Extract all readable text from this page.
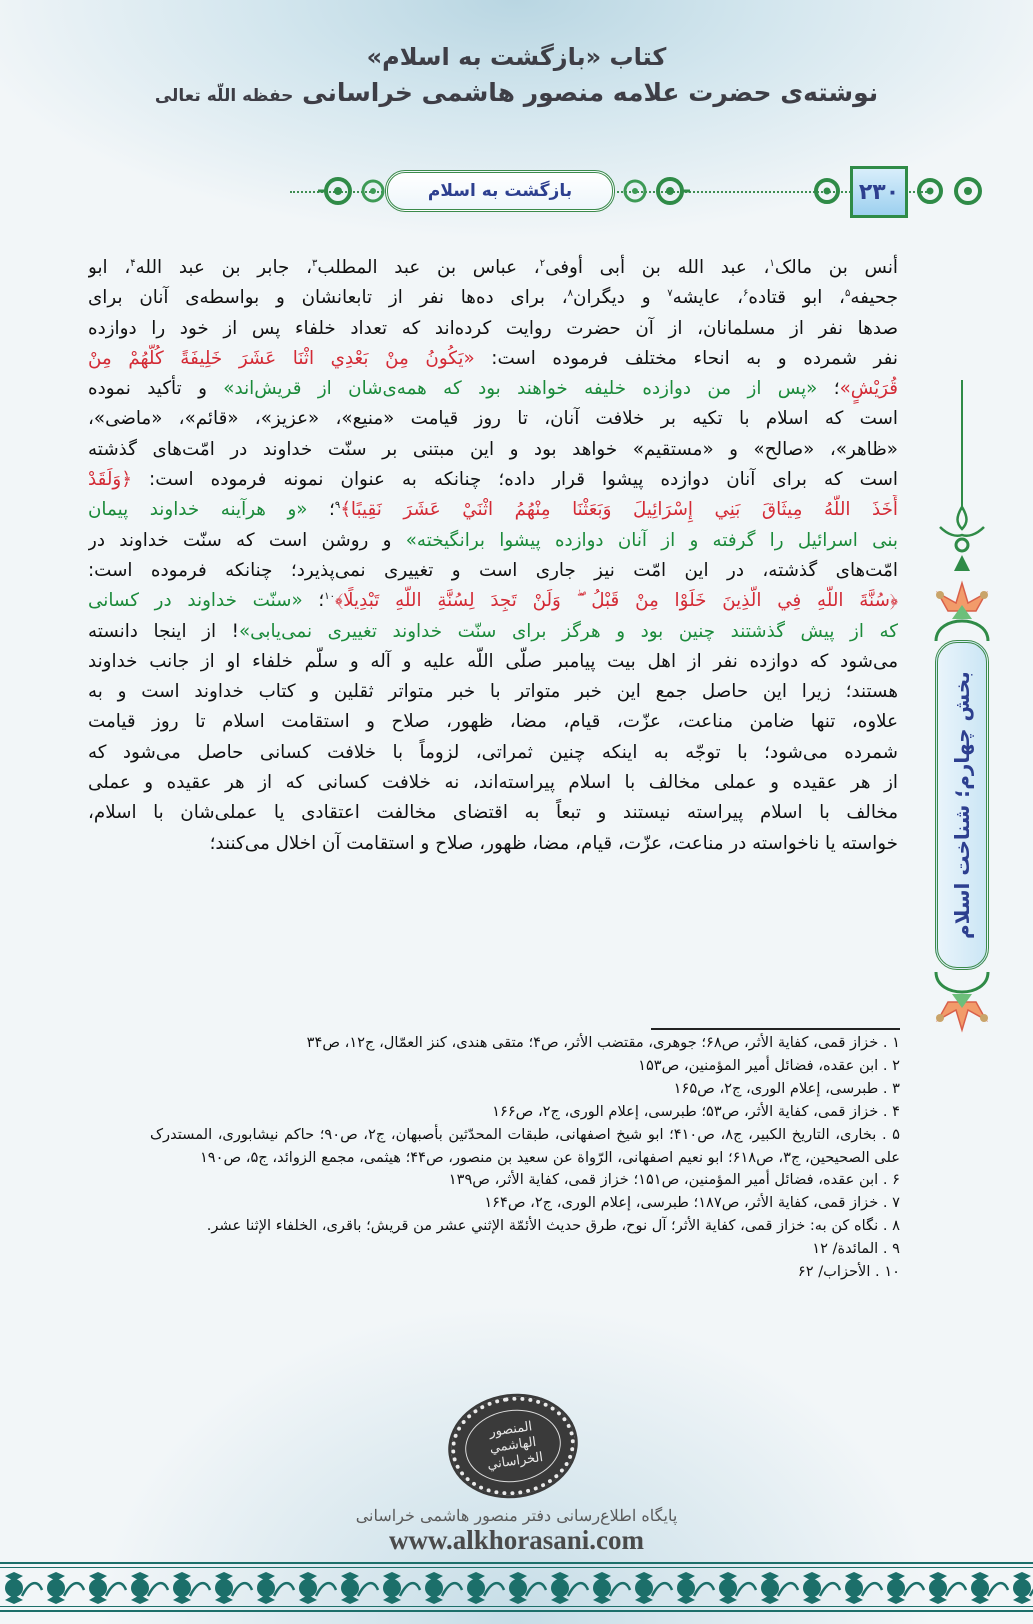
کتاب «بازگشت به اسلام»
نوشته‌ی حضرت علامه منصور هاشمی خراسانی حفظه اللّه تعالی
بازگشت به اسلام	۲۳۰
أنس بن مالک$^۱$، عبد الله بن أبی أوفی$^۲$، عباس بن عبد المطلب$^۳$، جابر بن عبد الله$^۴$، ابو
جحیفه$^۵$، ابو قتاده$^۶$، عایشه$^۷$ و دیگران$^۸$، برای ده‌ها نفر از تابعانشان و بواسطه‌ی آنان برای
صدها نفر از مسلمانان، از آن حضرت روایت کرده‌اند که تعداد خلفاء پس از خود را دوازده
نفر شمرده و به انحاء مختلف فرموده است: «يَكُونُ مِنْ بَعْدِي اثْنَا عَشَرَ خَلِيفَةً كُلُّهُمْ مِنْ
قُرَيْشٍ»؛ «پس از من دوازده خلیفه خواهند بود که همه‌ی‌شان از قریش‌اند» و تأکید نموده
است که اسلام با تکیه بر خلافت آنان، تا روز قیامت «منیع»، «عزیز»، «قائم»، «ماضی»،
«ظاهر»، «صالح» و «مستقیم» خواهد بود و این مبتنی بر سنّت خداوند در امّت‌های گذشته
است که برای آنان دوازده پیشوا قرار داده؛ چنانکه به عنوان نمونه فرموده است: ﴿وَلَقَدْ
أَخَذَ اللَّهُ مِيثَاقَ بَنِي إِسْرَائِيلَ وَبَعَثْنَا مِنْهُمُ اثْنَيْ عَشَرَ نَقِيبًا﴾$^۹$؛ «و هرآینه خداوند پیمان
بنی اسرائیل را گرفته و از آنان دوازده پیشوا برانگیخته» و روشن است که سنّت خداوند در
امّت‌های گذشته، در این امّت نیز جاری است و تغییری نمی‌پذیرد؛ چنانکه فرموده است:
﴿سُنَّةَ اللَّهِ فِي الَّذِينَ خَلَوْا مِنْ قَبْلُ ۖ وَلَنْ تَجِدَ لِسُنَّةِ اللَّهِ تَبْدِيلًا﴾$^{۱۰}$؛ «سنّت خداوند در کسانی
که از پیش گذشتند چنین بود و هرگز برای سنّت خداوند تغییری نمی‌یابی»! از اینجا دانسته
می‌شود که دوازده نفر از اهل بیت پیامبر صلّی اللّه علیه و آله و سلّم خلفاء او از جانب خداوند
هستند؛ زیرا این حاصل جمع این خبر متواتر با خبر متواتر ثقلین و کتاب خداوند است و به
علاوه، تنها ضامن مناعت، عزّت، قیام، مضا، ظهور، صلاح و استقامت اسلام تا روز قیامت
شمرده می‌شود؛ با توجّه به اینکه چنین ثمراتی، لزوماً با خلافت کسانی حاصل می‌شود که
از هر عقیده و عملی مخالف با اسلام پیراسته‌اند، نه خلافت کسانی که از هر عقیده و عملی
مخالف با اسلام پیراسته نیستند و تبعاً به اقتضای مخالفت اعتقادی یا عملی‌شان با اسلام،
خواسته یا ناخواسته در مناعت، عزّت، قیام، مضا، ظهور، صلاح و استقامت آن اخلال می‌کنند؛	بخش چهارم؛ شناخت اسلام
۱ . خزاز قمی، کفایة الأثر، ص۶۸؛ جوهری، مقتضب الأثر، ص۴؛ متقی هندی، کنز العمّال، ج۱۲، ص۳۴
۲ . ابن عقده، فضائل أمیر المؤمنین، ص۱۵۳
۳ . طبرسی، إعلام الوری، ج۲، ص۱۶۵
۴ . خزاز قمی، کفایة الأثر، ص۵۳؛ طبرسی، إعلام الوری، ج۲، ص۱۶۶
۵ . بخاری، التاریخ الکبیر، ج۸، ص۴۱۰؛ ابو شیخ اصفهانی، طبقات المحدّثین بأصبهان، ج۲، ص۹۰؛ حاکم نیشابوری، المستدرک علی الصحیحین، ج۳، ص۶۱۸؛ ابو نعیم اصفهانی، الرّواة عن سعید بن منصور، ص۴۴؛ هیثمی، مجمع الزوائد، ج۵، ص۱۹۰
۶ . ابن عقده، فضائل أمیر المؤمنین، ص۱۵۱؛ خزاز قمی، کفایة الأثر، ص۱۳۹
۷ . خزاز قمی، کفایة الأثر، ص۱۸۷؛ طبرسی، إعلام الوری، ج۲، ص۱۶۴
۸ . نگاه کن به: خزاز قمی، کفایة الأثر؛ آل نوح، طرق حدیث الأئمّة الإثني عشر من قریش؛ باقری، الخلفاء الإثنا عشر.
۹ . المائدة/ ۱۲
۱۰ . الأحزاب/ ۶۲
المنصور الهاشمي الخراساني
پایگاه اطلاع‌رسانی دفتر منصور هاشمی خراسانی
www.alkhorasani.com
